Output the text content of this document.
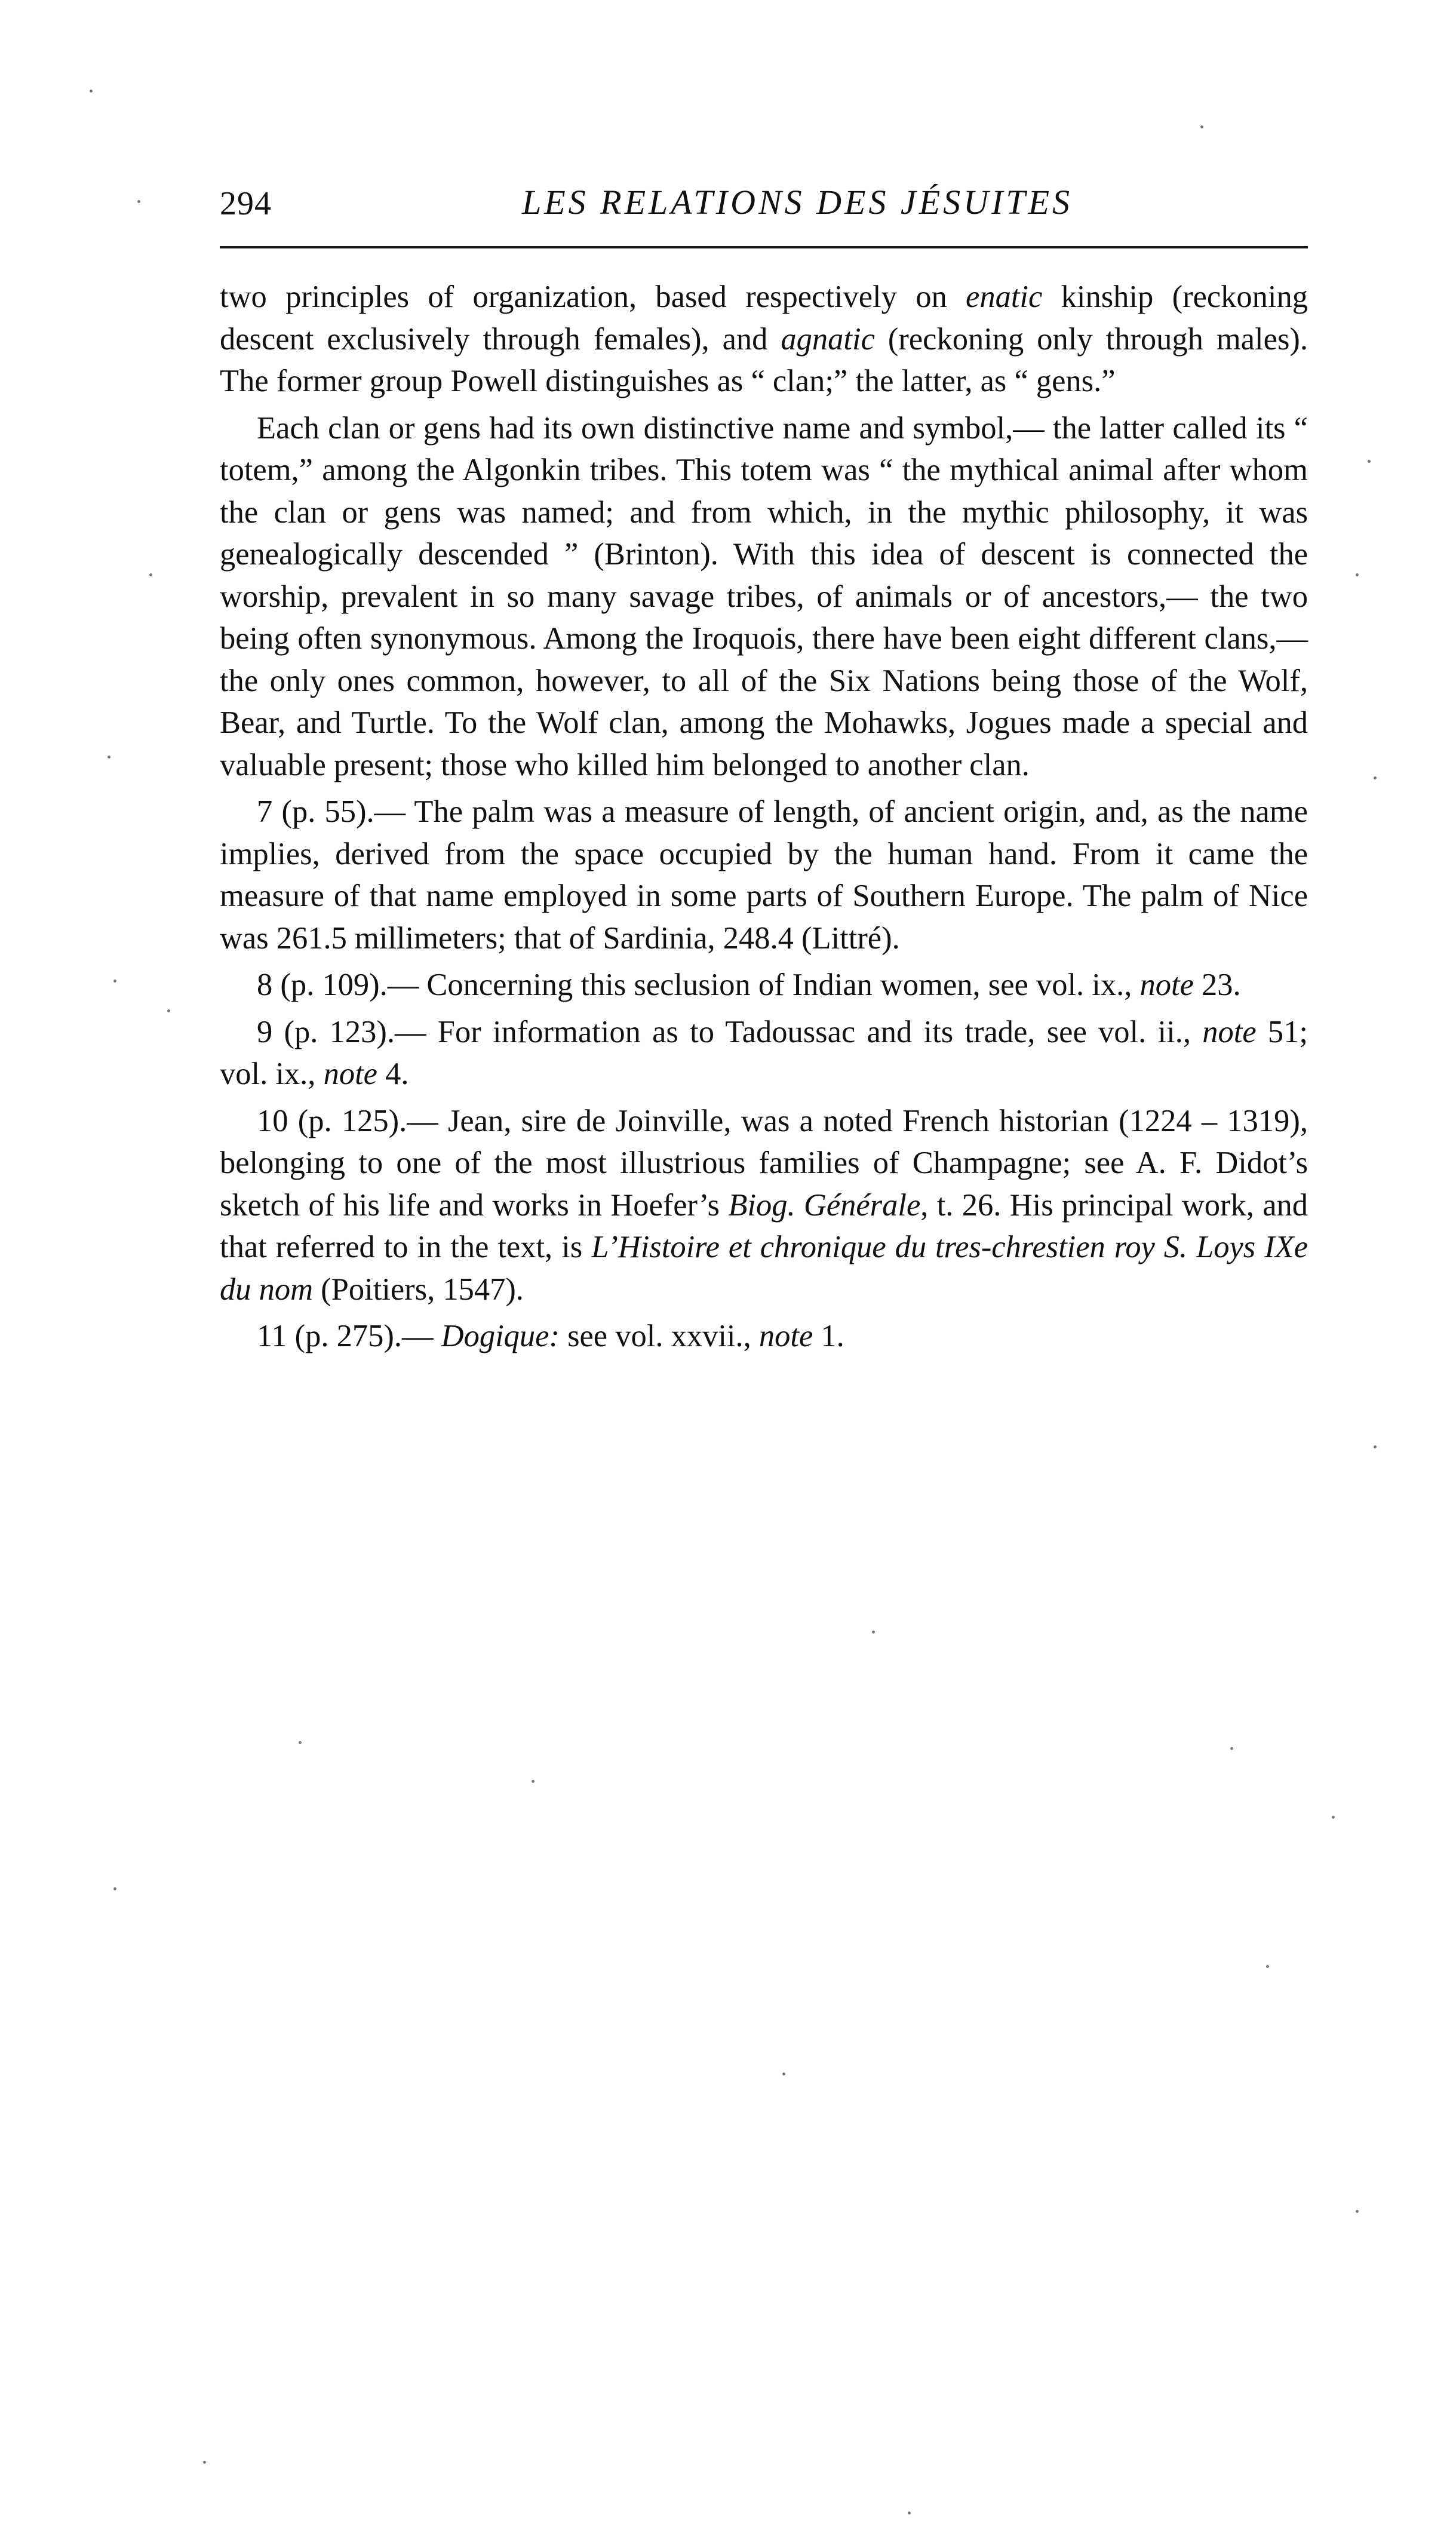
294	LES RELATIONS DES JÉSUITES

two principles of organization, based respectively on enatic kinship (reckoning descent exclusively through females), and agnatic (reckoning only through males). The former group Powell distinguishes as “ clan;” the latter, as “ gens.”

Each clan or gens had its own distinctive name and symbol,— the latter called its “ totem,” among the Algonkin tribes. This totem was “ the mythical animal after whom the clan or gens was named; and from which, in the mythic philosophy, it was genealogically descended ” (Brinton). With this idea of descent is connected the worship, prevalent in so many savage tribes, of animals or of ancestors,— the two being often synonymous. Among the Iroquois, there have been eight different clans,— the only ones common, however, to all of the Six Nations being those of the Wolf, Bear, and Turtle. To the Wolf clan, among the Mohawks, Jogues made a special and valuable present; those who killed him belonged to another clan.

7 (p. 55).— The palm was a measure of length, of ancient origin, and, as the name implies, derived from the space occupied by the human hand. From it came the measure of that name employed in some parts of Southern Europe. The palm of Nice was 261.5 millimeters; that of Sardinia, 248.4 (Littré).

8 (p. 109).— Concerning this seclusion of Indian women, see vol. ix., note 23.

9 (p. 123).— For information as to Tadoussac and its trade, see vol. ii., note 51; vol. ix., note 4.

10 (p. 125).— Jean, sire de Joinville, was a noted French historian (1224 – 1319), belonging to one of the most illustrious families of Champagne; see A. F. Didot’s sketch of his life and works in Hoefer’s Biog. Générale, t. 26. His principal work, and that referred to in the text, is L’Histoire et chronique du tres-chrestien roy S. Loys IXe du nom (Poitiers, 1547).

11 (p. 275).— Dogique: see vol. xxvii., note 1.
